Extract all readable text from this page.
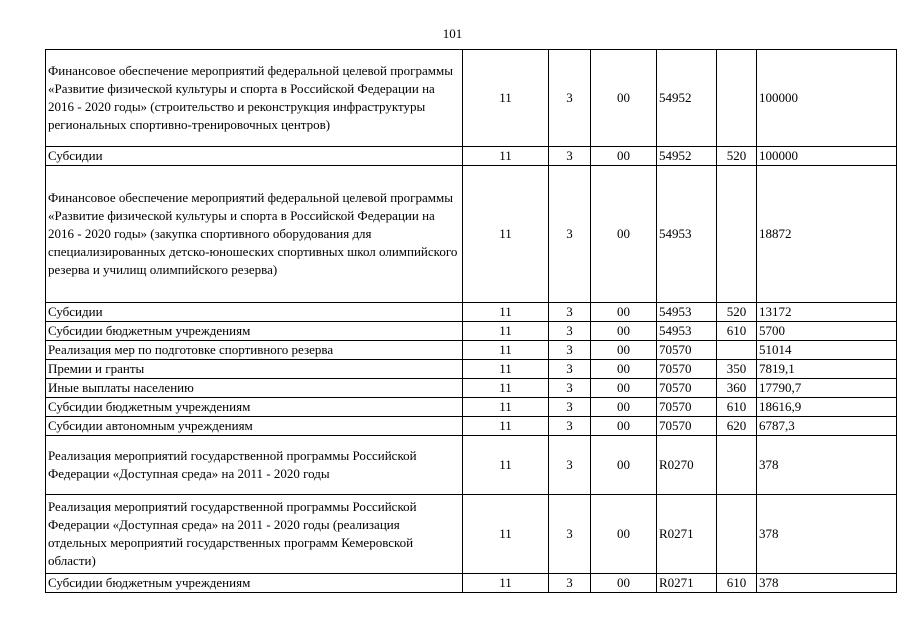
101
Финансовое обеспечение мероприятий федеральной целевой программы «Развитие физической культуры и спорта в Российской Федерации на 2016 - 2020 годы» (строительство и реконструкция инфраструктуры региональных спортивно-тренировочных центров)	11	3	00	54952		100000
Субсидии	11	3	00	54952	520	100000
Финансовое обеспечение мероприятий федеральной целевой программы «Развитие физической культуры и спорта в Российской Федерации на 2016 - 2020 годы» (закупка спортивного оборудования для специализированных детско-юношеских спортивных школ олимпийского резерва и училищ олимпийского резерва)	11	3	00	54953		18872
Субсидии	11	3	00	54953	520	13172
Субсидии бюджетным учреждениям	11	3	00	54953	610	5700
Реализация мер по подготовке спортивного резерва	11	3	00	70570		51014
Премии и гранты	11	3	00	70570	350	7819,1
Иные выплаты населению	11	3	00	70570	360	17790,7
Субсидии бюджетным учреждениям	11	3	00	70570	610	18616,9
Субсидии автономным учреждениям	11	3	00	70570	620	6787,3
Реализация мероприятий государственной программы Российской Федерации «Доступная среда» на 2011 - 2020 годы	11	3	00	R0270		378
Реализация мероприятий государственной программы Российской Федерации «Доступная среда» на 2011 - 2020 годы (реализация отдельных мероприятий государственных программ Кемеровской области)	11	3	00	R0271		378
Субсидии бюджетным учреждениям	11	3	00	R0271	610	378
